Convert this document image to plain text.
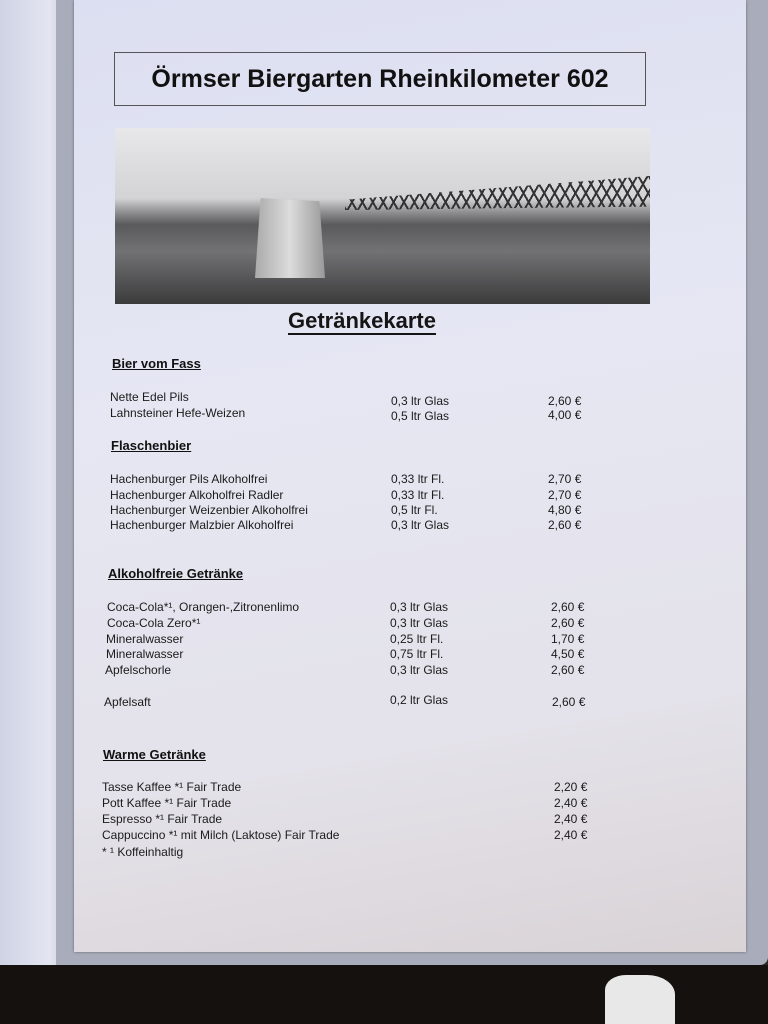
Örmser Biergarten Rheinkilometer 602
Getränkekarte
Bier vom Fass
Nette Edel Pils	0,3 ltr Glas	2,60 €
Lahnsteiner Hefe-Weizen	0,5 ltr Glas	4,00 €
Flaschenbier
Hachenburger Pils Alkoholfrei	0,33 ltr Fl.	2,70 €
Hachenburger Alkoholfrei Radler	0,33 ltr Fl.	2,70 €
Hachenburger Weizenbier Alkoholfrei	0,5 ltr Fl.	4,80 €
Hachenburger Malzbier Alkoholfrei	0,3 ltr Glas	2,60 €
Alkoholfreie Getränke
Coca-Cola*¹, Orangen-,Zitronenlimo	0,3 ltr Glas	2,60 €
Coca-Cola Zero*¹	0,3 ltr Glas	2,60 €
Mineralwasser	0,25 ltr Fl.	1,70 €
Mineralwasser	0,75 ltr Fl.	4,50 €
Apfelschorle	0,3 ltr Glas	2,60 €
Apfelsaft	0,2 ltr Glas	2,60 €
Warme Getränke
Tasse Kaffee *¹ Fair Trade	2,20 €
Pott Kaffee *¹ Fair Trade	2,40 €
Espresso *¹ Fair Trade	2,40 €
Cappuccino *¹ mit Milch (Laktose) Fair Trade	2,40 €
* ¹ Koffeinhaltig
